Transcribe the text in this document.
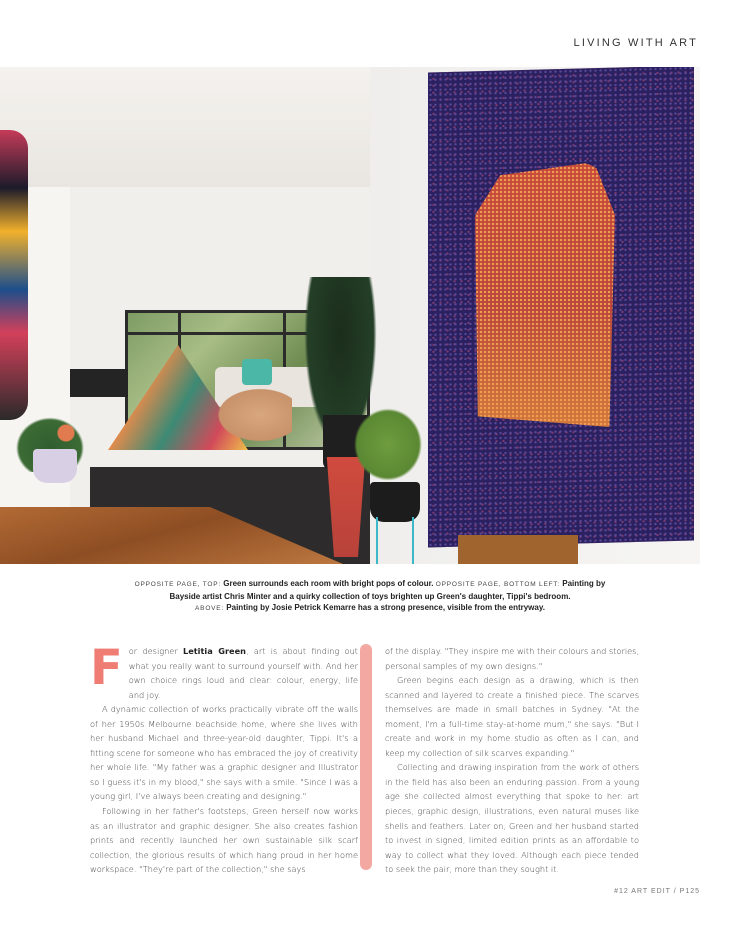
LIVING WITH ART
OPPOSITE PAGE, TOP: Green surrounds each room with bright pops of colour. OPPOSITE PAGE, BOTTOM LEFT: Painting by Bayside artist Chris Minter and a quirky collection of toys brighten up Green's daughter, Tippi's bedroom.
ABOVE: Painting by Josie Petrick Kemarre has a strong presence, visible from the entryway.

For designer Letitia Green, art is about finding out what you really want to surround yourself with. And her own choice rings loud and clear: colour, energy, life and joy.

A dynamic collection of works practically vibrate off the walls of her 1950s Melbourne beachside home, where she lives with her husband Michael and three-year-old daughter, Tippi. It's a fitting scene for someone who has embraced the joy of creativity her whole life. "My father was a graphic designer and Illustrator so I guess it's in my blood," she says with a smile. "Since I was a young girl, I've always been creating and designing."

Following in her father's footsteps, Green herself now works as an illustrator and graphic designer. She also creates fashion prints and recently launched her own sustainable silk scarf collection, the glorious results of which hang proud in her home workspace. "They're part of the collection," she says

of the display. "They inspire me with their colours and stories, personal samples of my own designs."

Green begins each design as a drawing, which is then scanned and layered to create a finished piece. The scarves themselves are made in small batches in Sydney. "At the moment, I'm a full-time stay-at-home mum," she says. "But I create and work in my home studio as often as I can, and keep my collection of silk scarves expanding."

Collecting and drawing inspiration from the work of others in the field has also been an enduring passion. From a young age she collected almost everything that spoke to her: art pieces, graphic design, illustrations, even natural muses like shells and feathers. Later on, Green and her husband started to invest in signed, limited edition prints as an affordable to way to collect what they loved. Although each piece tended to seek the pair, more than they sought it.

#12 ART EDIT / P125
